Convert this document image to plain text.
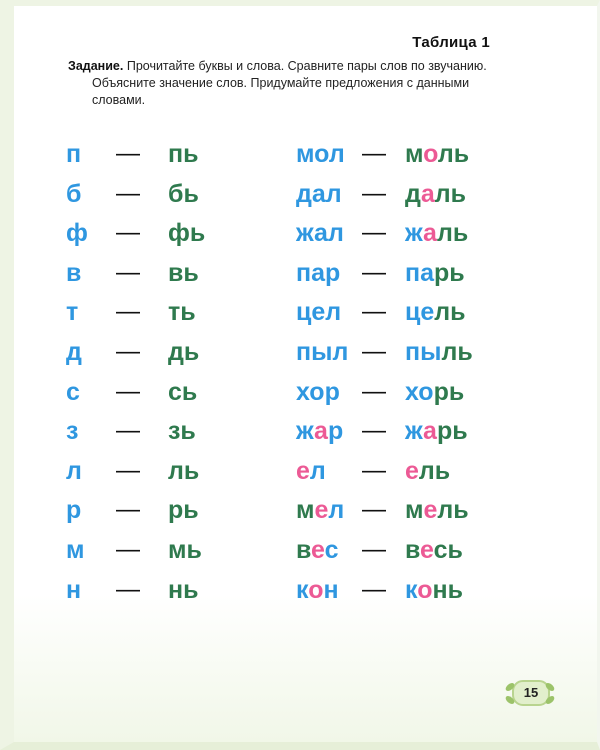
Таблица 1
Задание. Прочитайте буквы и слова. Сравните пары слов по звучанию.
Объясните значение слов. Придумайте предложения с данными
словами.
п — пь	мол — моль
б — бь	дал — даль
ф — фь	жал — жаль
в — вь	пар — парь
т — ть	цел — цель
д — дь	пыл — пыль
с — сь	хор — хорь
з — зь	жар — жарь
л — ль	ел — ель
р — рь	мел — мель
м — мь	вес — весь
н — нь	кон — конь
15
